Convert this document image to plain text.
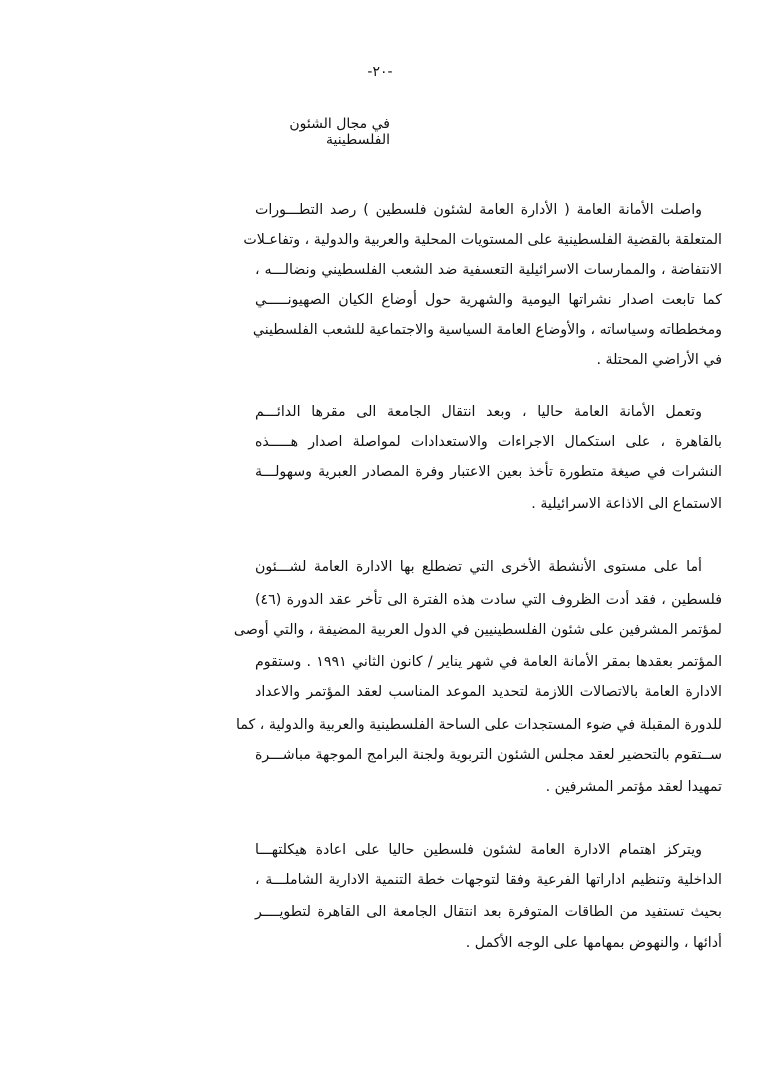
-٢٠-
في مجال الشئون الفلسطينية
واصلت الأمانة العامة ( الأدارة العامة لشئون فلسطين ) رصد التطـــورات
المتعلقة بالقضية الفلسطينية على المستويات المحلية والعربية والدولية ، وتفاعـلات
الانتفاضة ، والممارسات الاسرائيلية التعسفية ضد الشعب الفلسطيني ونضالـــه ،
كما تابعت اصدار نشراتها اليومية والشهرية حول أوضاع الكيان الصهيونـــــي
ومخططاته وسياساته ، والأوضاع العامة السياسية والاجتماعية للشعب الفلسطيني
في الأراضي المحتلة .
وتعمل الأمانة العامة حاليا ، وبعد انتقال الجامعة الى مقرها الدائـــم
بالقاهرة ، على استكمال الاجراءات والاستعدادات لمواصلة اصدار هـــــذه
النشرات في صيغة متطورة تأخذ بعين الاعتبار وفرة المصادر العبرية وسهولـــة
الاستماع الى الاذاعة الاسرائيلية .
أما على مستوى الأنشطة الأخرى التي تضطلع بها الادارة العامة لشـــئون
فلسطين ، فقد أدت الظروف التي سادت هذه الفترة الى تأخر عقد الدورة (٤٦)
لمؤتمر المشرفين على شئون الفلسطينيين في الدول العربية المضيفة ، والتي أوصى
المؤتمر بعقدها بمقر الأمانة العامة في شهر يناير / كانون الثاني ١٩٩١ . وستقوم
الادارة العامة بالاتصالات اللازمة لتحديد الموعد المناسب لعقد المؤتمر والاعداد
للدورة المقبلة في ضوء المستجدات على الساحة الفلسطينية والعربية والدولية ، كما
ســتقوم بالتحضير لعقد مجلس الشئون التربوية ولجنة البرامج الموجهة مباشـــرة
تمهيدا لعقد مؤتمر المشرفين .
ويتركز اهتمام الادارة العامة لشئون فلسطين حاليا على اعادة هيكلتهـــا
الداخلية وتنظيم اداراتها الفرعية وفقا لتوجهات خطة التنمية الادارية الشاملـــة ،
بحيث تستفيد من الطاقات المتوفرة بعد انتقال الجامعة الى القاهرة لتطويــــر
أدائها ، والنهوض بمهامها على الوجه الأكمل .
